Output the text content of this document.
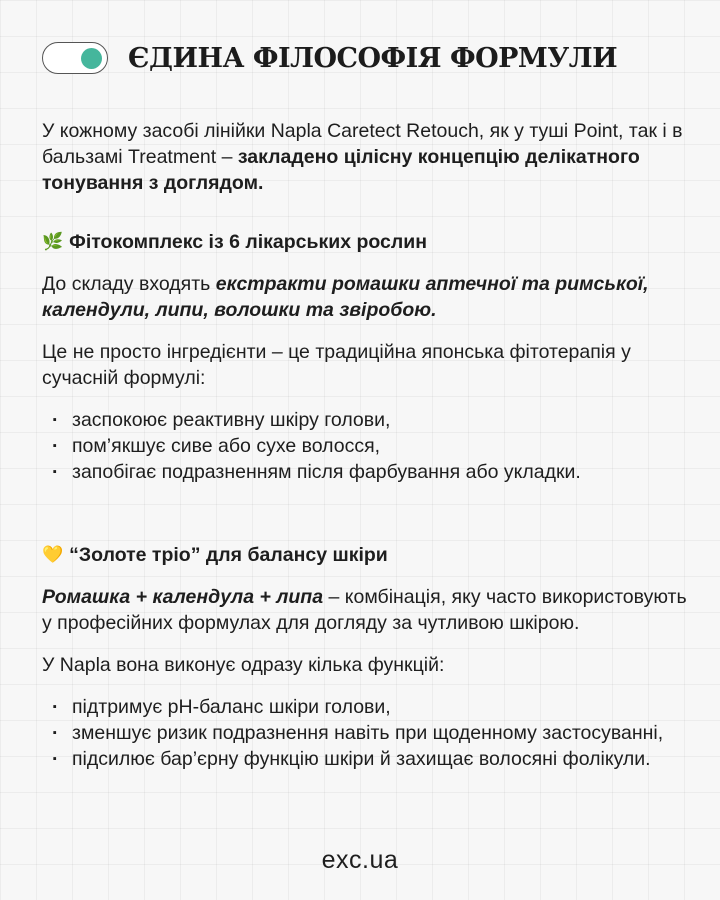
ЄДИНА ФІЛОСОФІЯ ФОРМУЛИ

У кожному засобі лінійки Napla Caretect Retouch, як у туші Point, так і в бальзамі Treatment – закладено цілісну концепцію делікатного тонування з доглядом.

🌿 Фітокомплекс із 6 лікарських рослин

До складу входять екстракти ромашки аптечної та римської, календули, липи, волошки та звіробою.

Це не просто інгредієнти – це традиційна японська фітотерапія у сучасній формулі:

· заспокоює реактивну шкіру голови,
· пом’якшує сиве або сухе волосся,
· запобігає подразненням після фарбування або укладки.
💛 “Золоте тріо” для балансу шкіри

Ромашка + календула + липа – комбінація, яку часто використовують у професійних формулах для догляду за чутливою шкірою.

У Napla вона виконує одразу кілька функцій:

· підтримує pH-баланс шкіри голови,
· зменшує ризик подразнення навіть при щоденному застосуванні,
· підсилює бар’єрну функцію шкіри й захищає волосяні фолікули.
exc.ua
